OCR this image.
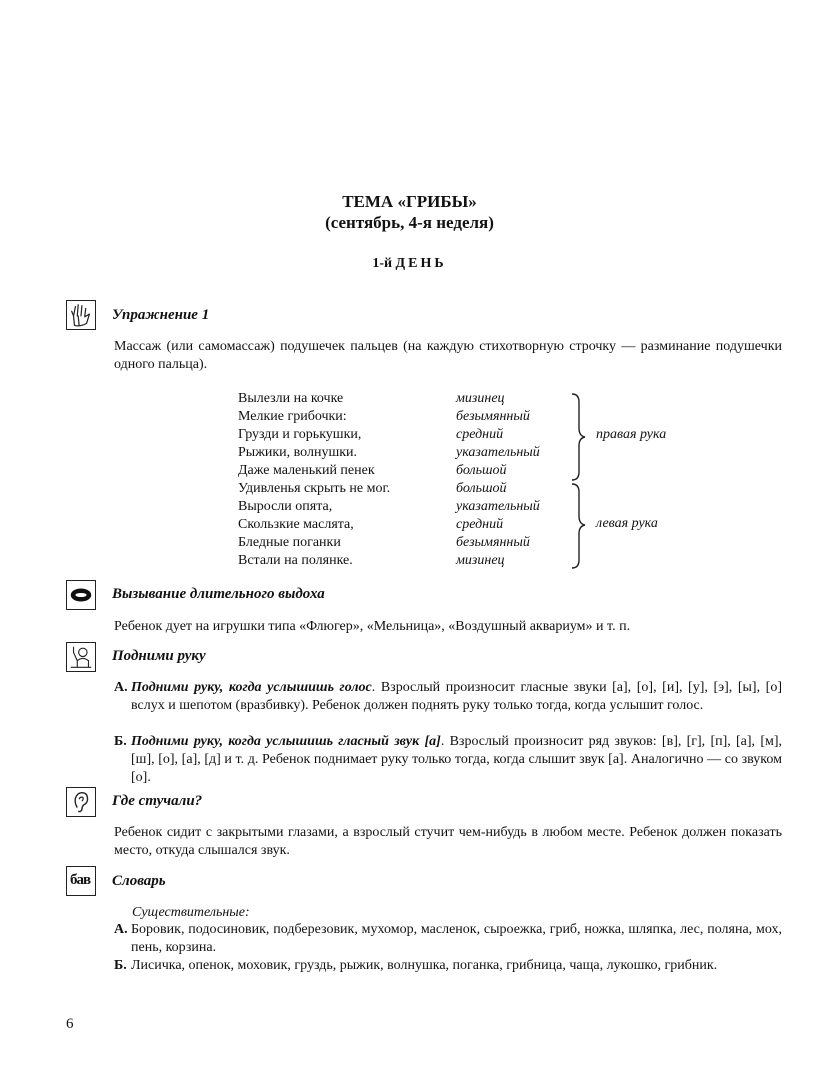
ТЕМА «ГРИБЫ»
(сентябрь, 4-я неделя)
1-й ДЕНЬ
Упражнение 1
Массаж (или самомассаж) подушечек пальцев (на каждую стихотворную строчку — разминание подушечки одного пальца).
Вылезли на кочке	мизинец
Мелкие грибочки:	безымянный
Грузди и горькушки,	средний
Рыжики, волнушки.	указательный
Даже маленький пенек	большой
Удивленья скрыть не мог.	большой
Выросли опята,	указательный
Скользкие маслята,	средний
Бледные поганки	безымянный
Встали на полянке.	мизинец
правая рука
левая рука
Вызывание длительного выдоха
Ребенок дует на игрушки типа «Флюгер», «Мельница», «Воздушный аквариум» и т. п.
Подними руку
А. Подними руку, когда услышишь голос. Взрослый произносит гласные звуки [а], [о], [и], [у], [э], [ы], [о] вслух и шепотом (вразбивку). Ребенок должен поднять руку только тогда, когда услышит голос.
Б. Подними руку, когда услышишь гласный звук [а]. Взрослый произносит ряд звуков: [в], [г], [п], [а], [м], [ш], [о], [а], [д] и т. д. Ребенок поднимает руку только тогда, когда слышит звук [а]. Аналогично — со звуком [о].
Где стучали?
Ребенок сидит с закрытыми глазами, а взрослый стучит чем-нибудь в любом месте. Ребенок должен показать место, откуда слышался звук.
бав Словарь
Существительные:
А. Боровик, подосиновик, подберезовик, мухомор, масленок, сыроежка, гриб, ножка, шляпка, лес, поляна, мох, пень, корзина.
Б. Лисичка, опенок, моховик, груздь, рыжик, волнушка, поганка, грибница, чаща, лукошко, грибник.
6
